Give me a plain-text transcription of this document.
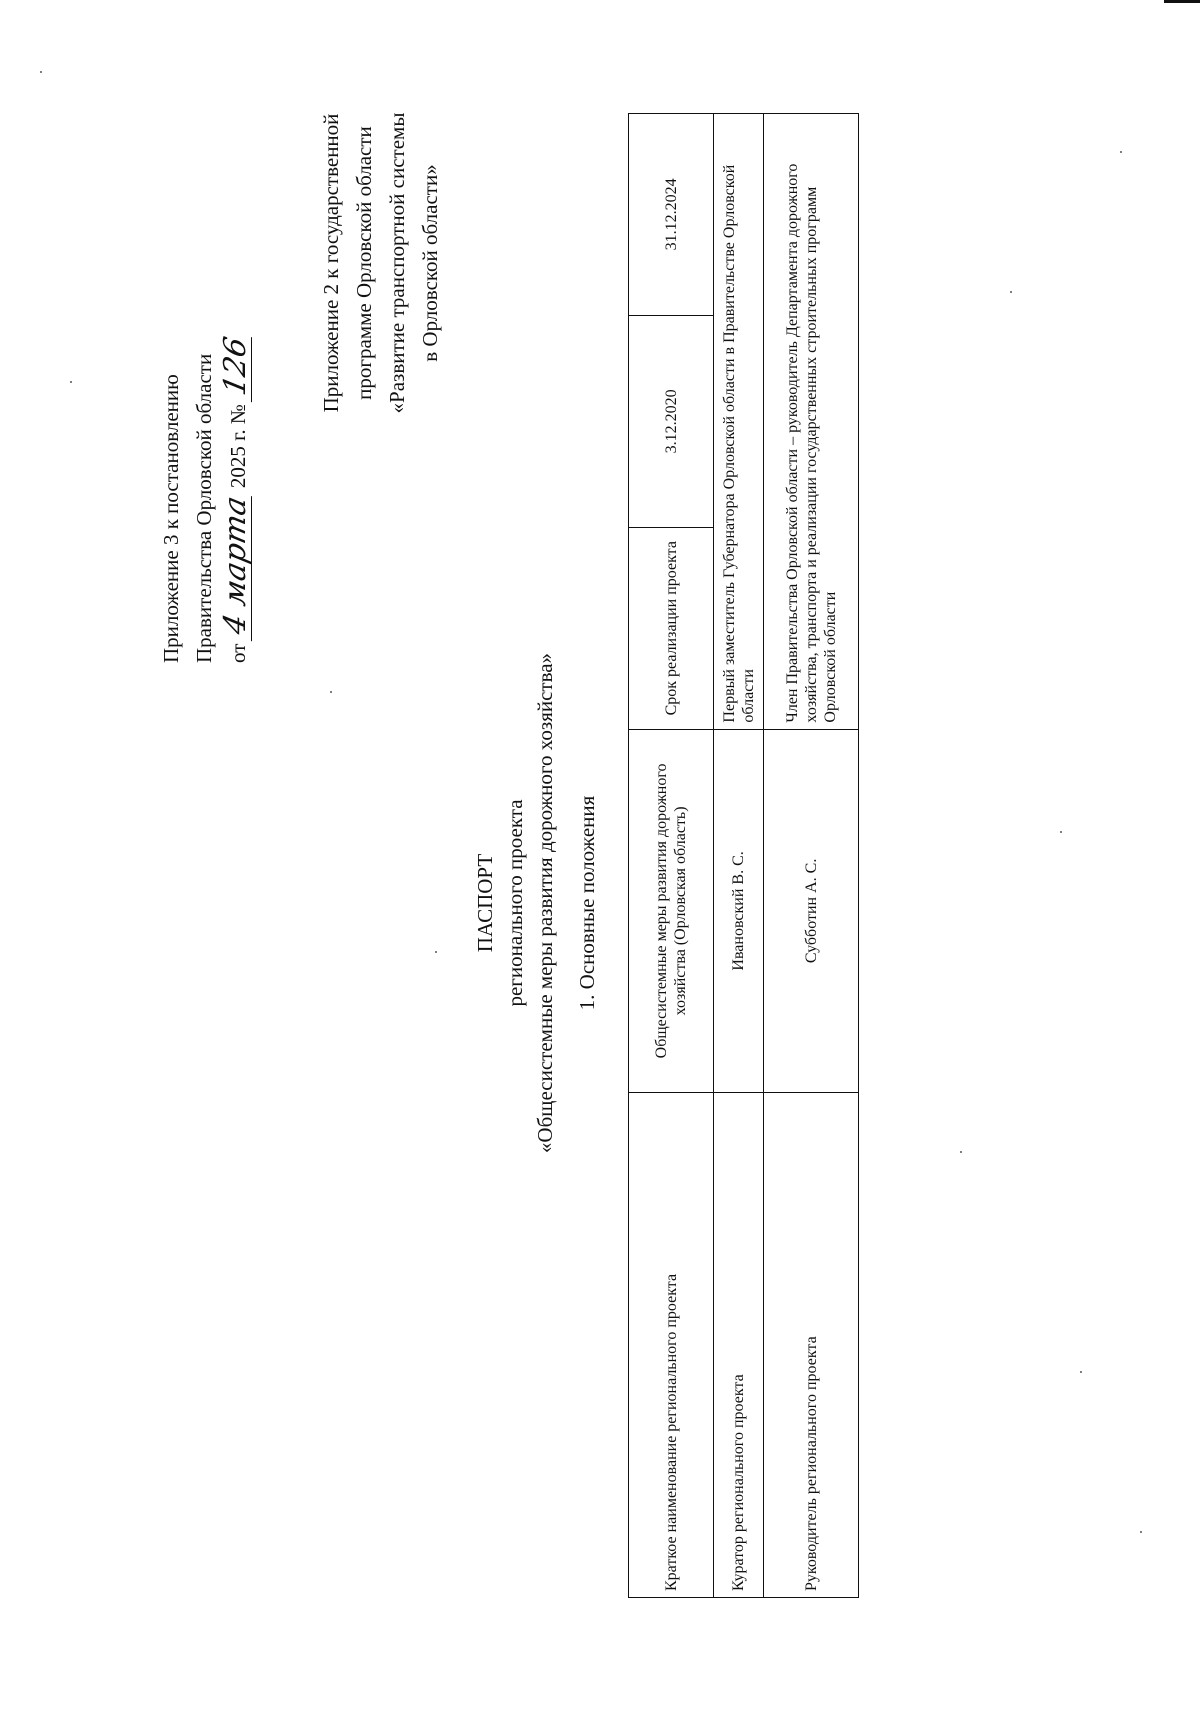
Приложение 3 к постановлению Правительства Орловской области от 4 марта 2025 г. № 126	Приложение 2 к государственной программе Орловской области «Развитие транспортной системы в Орловской области»
ПАСПОРТ регионального проекта «Общесистемные меры развития дорожного хозяйства» 1. Основные положения
Краткое наименование регионального проекта	Общесистемные меры развития дорожного хозяйства (Орловская область)	Срок реализации проекта	3.12.2020	31.12.2024
Куратор регионального проекта	Ивановский В. С.	Первый заместитель Губернатора Орловской области в Правительстве Орловской области		
Руководитель регионального проекта	Субботин А. С.	Член Правительства Орловской области – руководитель Департамента дорожного хозяйства, транспорта и реализации государственных строительных программ Орловской области		
